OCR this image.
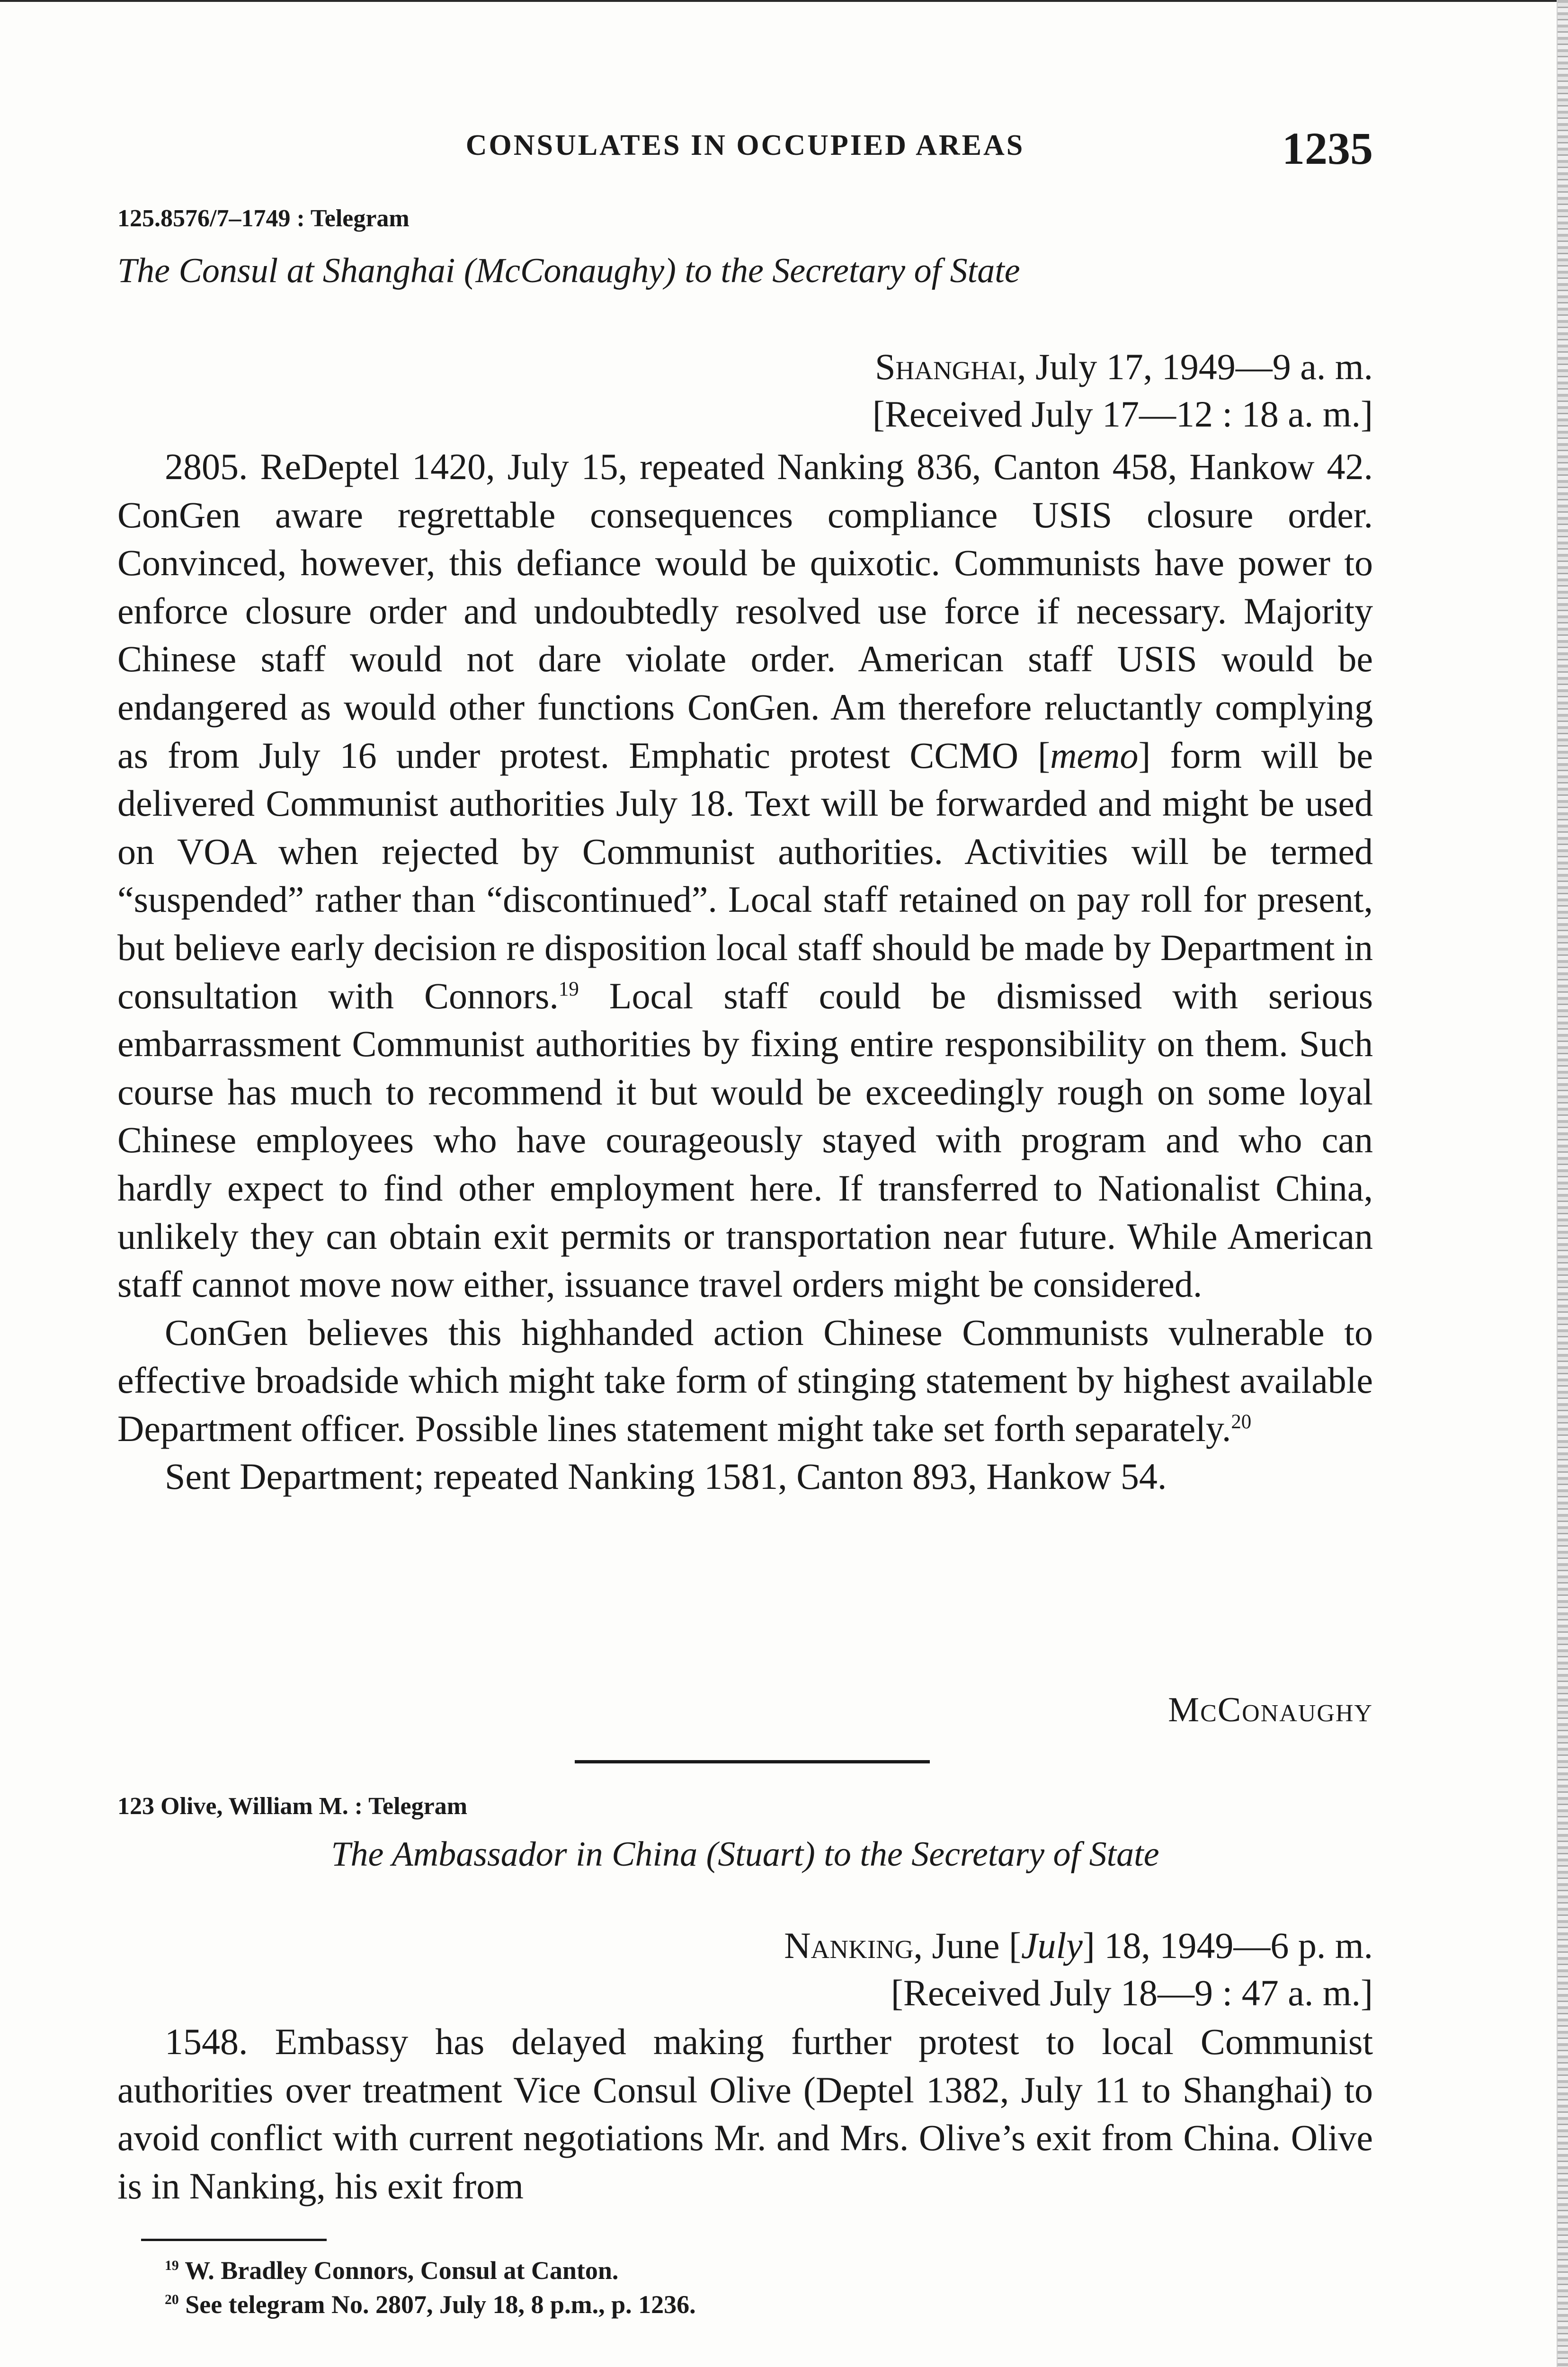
CONSULATES IN OCCUPIED AREAS	1235
125.8576/7–1749 : Telegram
The Consul at Shanghai (McConaughy) to the Secretary of State
Shanghai, July 17, 1949—9 a. m.
[Received July 17—12 : 18 a. m.]

2805. ReDeptel 1420, July 15, repeated Nanking 836, Canton 458, Hankow 42. ConGen aware regrettable consequences compliance USIS closure order. Convinced, however, this defiance would be quixotic. Communists have power to enforce closure order and undoubtedly resolved use force if necessary. Majority Chinese staff would not dare violate order. American staff USIS would be endangered as would other functions ConGen. Am therefore reluctantly complying as from July 16 under protest. Emphatic protest CCMO [memo] form will be delivered Communist authorities July 18. Text will be forwarded and might be used on VOA when rejected by Communist authorities. Activities will be termed “suspended” rather than “discontinued”. Local staff retained on pay roll for present, but believe early decision re disposition local staff should be made by Department in consultation with Connors.$^{19}$ Local staff could be dismissed with serious embarrassment Communist authorities by fixing entire responsibility on them. Such course has much to recommend it but would be exceedingly rough on some loyal Chinese employees who have courageously stayed with program and who can hardly expect to find other employment here. If transferred to Nationalist China, unlikely they can obtain exit permits or transportation near future. While American staff cannot move now either, issuance travel orders might be considered.

ConGen believes this highhanded action Chinese Communists vulnerable to effective broadside which might take form of stinging statement by highest available Department officer. Possible lines statement might take set forth separately.$^{20}$

Sent Department; repeated Nanking 1581, Canton 893, Hankow 54.

McConaughy
123 Olive, William M. : Telegram
The Ambassador in China (Stuart) to the Secretary of State
Nanking, June [July] 18, 1949—6 p. m.
[Received July 18—9 : 47 a. m.]

1548. Embassy has delayed making further protest to local Communist authorities over treatment Vice Consul Olive (Deptel 1382, July 11 to Shanghai) to avoid conflict with current negotiations Mr. and Mrs. Olive’s exit from China. Olive is in Nanking, his exit from

$^{19}$ W. Bradley Connors, Consul at Canton.
$^{20}$ See telegram No. 2807, July 18, 8 p.m., p. 1236.
